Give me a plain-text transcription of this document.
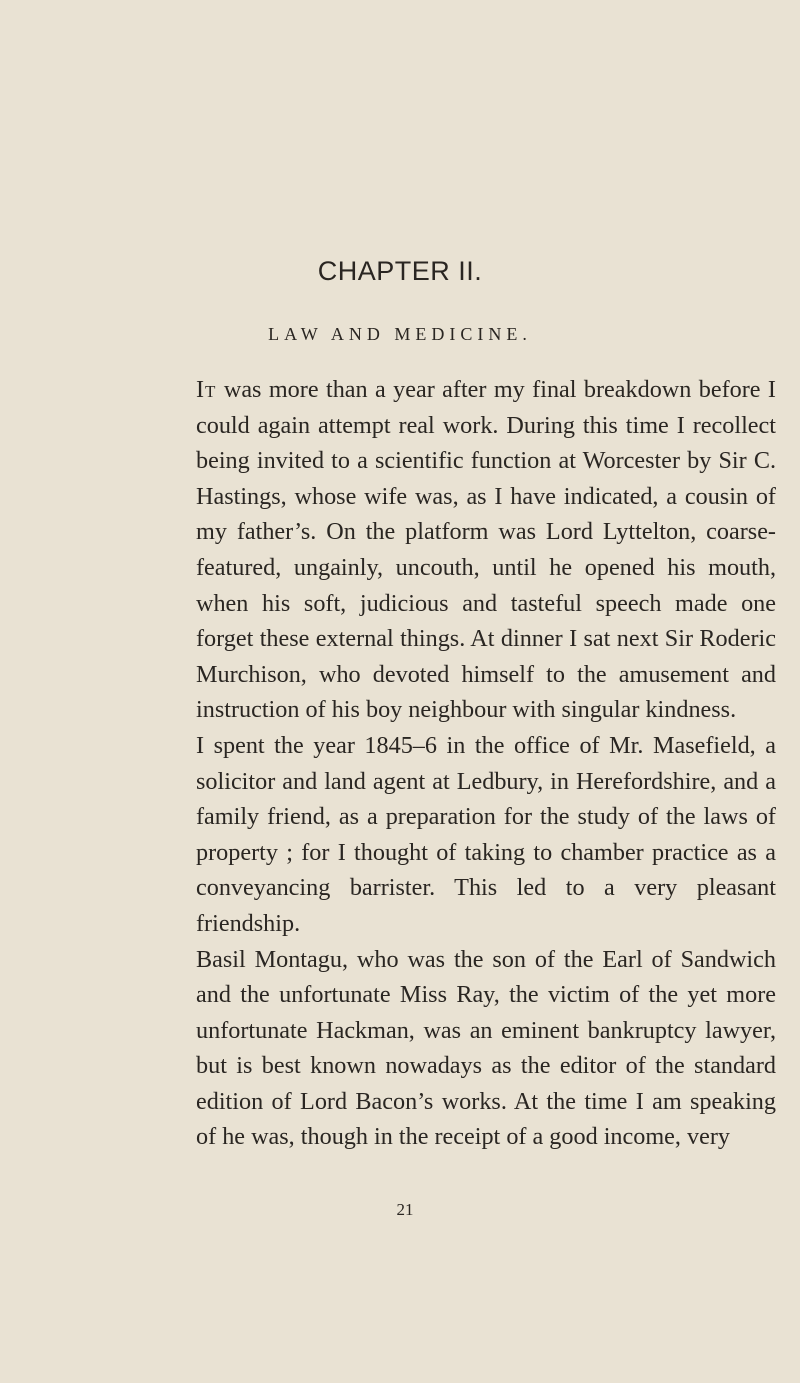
CHAPTER II.
LAW AND MEDICINE.

It was more than a year after my final breakdown before I could again attempt real work. During this time I recollect being invited to a scientific function at Worcester by Sir C. Hastings, whose wife was, as I have indicated, a cousin of my father’s. On the platform was Lord Lyttelton, coarse-featured, ungainly, uncouth, until he opened his mouth, when his soft, judicious and tasteful speech made one forget these external things. At dinner I sat next Sir Roderic Murchison, who devoted himself to the amusement and instruction of his boy neighbour with singular kindness.

I spent the year 1845–6 in the office of Mr. Masefield, a solicitor and land agent at Ledbury, in Herefordshire, and a family friend, as a preparation for the study of the laws of property ; for I thought of taking to chamber practice as a conveyancing barrister. This led to a very pleasant friendship.

Basil Montagu, who was the son of the Earl of Sandwich and the unfortunate Miss Ray, the victim of the yet more unfortunate Hackman, was an eminent bankruptcy lawyer, but is best known nowadays as the editor of the standard edition of Lord Bacon’s works. At the time I am speaking of he was, though in the receipt of a good income, very

21
